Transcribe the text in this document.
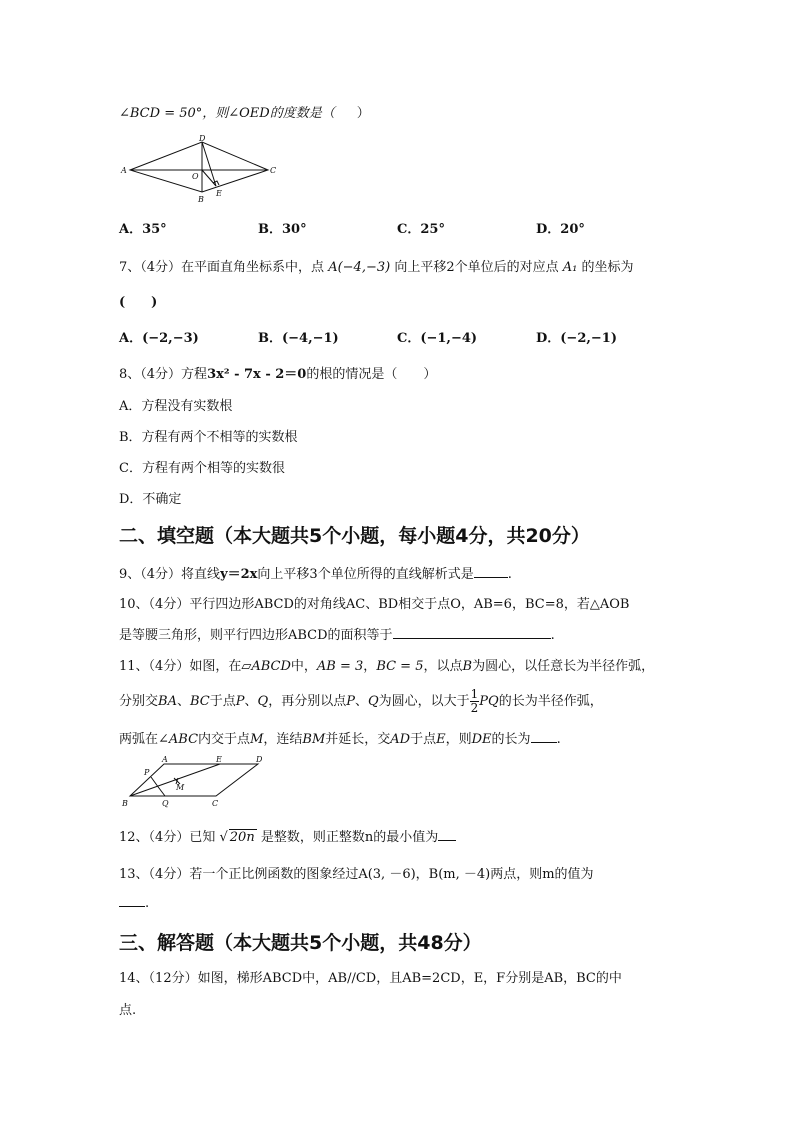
∠BCD = 50°，则∠OED的度数是（ ）
A
D
C
O
B
E
A．35°	B．30°	C．25°	D．20°
7、（4分）在平面直角坐标系中，点 A(−4,−3) 向上平移2个单位后的对应点 A₁ 的坐标为
(　　)
A．(−2,−3)	B．(−4,−1)	C．(−1,−4)	D．(−2,−1)
8、（4分）方程3x² - 7x - 2＝0的根的情况是（　　）
A．方程没有实数根
B．方程有两个不相等的实数根
C．方程有两个相等的实数很
D．不确定
二、填空题（本大题共5个小题，每小题4分，共20分）
9、（4分）将直线y＝2x向上平移3个单位所得的直线解析式是	.
10、（4分）平行四边形ABCD的对角线AC、BD相交于点O，AB=6，BC=8，若△AOB
是等腰三角形，则平行四边形ABCD的面积等于	.
11、（4分）如图，在▱ABCD中，AB = 3，BC = 5，以点B为圆心，以任意长为半径作弧，
分别交BA、BC于点P、Q，再分别以点P、Q为圆心，以大于 $\frac{1}{2}$ PQ的长为半径作弧，
两弧在∠ABC内交于点M，连结BM并延长，交AD于点E，则DE的长为 .
A	E	D
P
M
B	Q	C
12、（4分）已知 √ 20n 是整数，则正整数n的最小值为
13、（4分）若一个正比例函数的图象经过A(3, －6)，B(m, －4)两点，则m的值为
.
三、解答题（本大题共5个小题，共48分）
14、（12分）如图，梯形ABCD中，AB//CD，且AB=2CD，E，F分别是AB，BC的中
点.
